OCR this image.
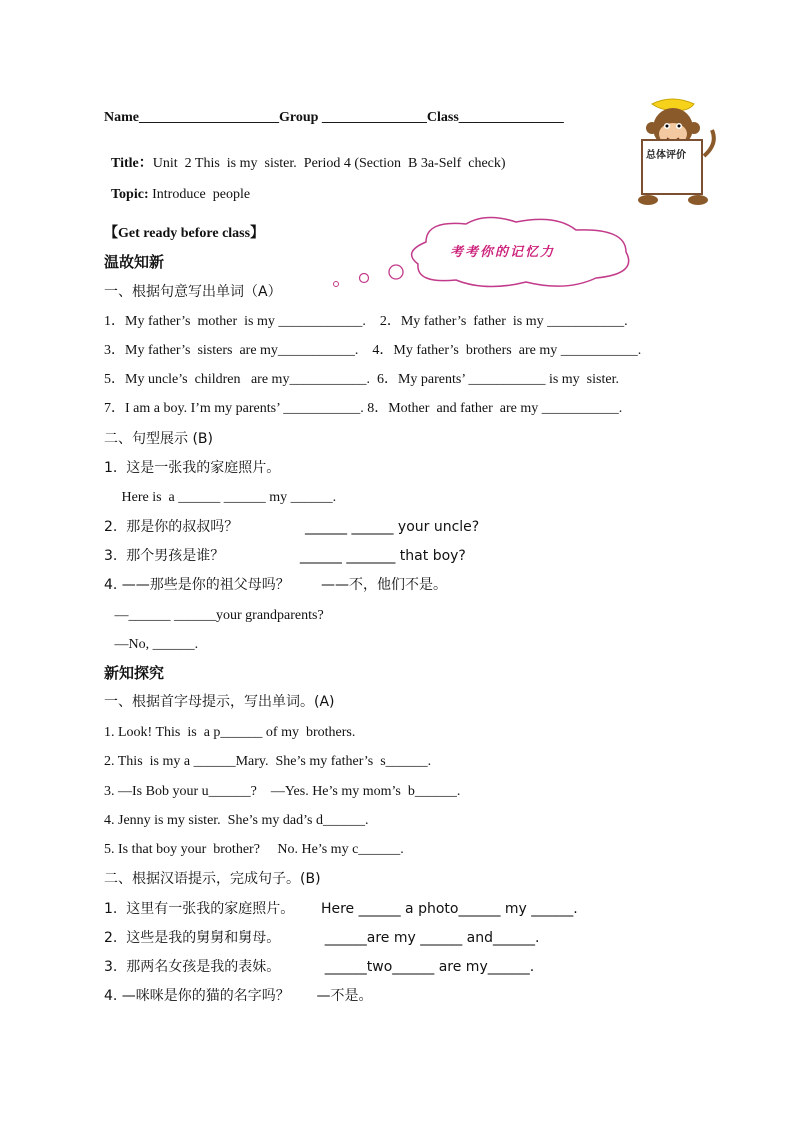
Name____________________Group _______________Class_______________

Title：Unit  2 This  is my  sister.  Period 4 (Section  B 3a-Self  check)

Topic: Introduce  people

总体评价
考考你的记忆力
【Get ready before class】
温故知新
一、根据句意写出单词（A）
1．My father’s  mother  is my ____________.    2．My father’s  father  is my ___________.
3．My father’s  sisters  are my___________.    4．My father’s  brothers  are my ___________.
5．My uncle’s  children   are my___________.  6．My parents’ ___________ is my  sister.
7．I am a boy. I’m my parents’ ___________. 8．Mother  and father  are my ___________.
二、句型展示 (B)
1.  这是一张我的家庭照片。
Here is  a ______ ______ my ______.
2.  那是你的叔叔吗？               ______ ______ your uncle?
3.  那个男孩是谁？                 ______ _______ that boy?
4. ——那些是你的祖父母吗？       ——不，他们不是。
—______ ______your grandparents?
—No, ______.
新知探究
一、根据首字母提示，写出单词。(A)
1. Look! This  is  a p______ of my  brothers.
2. This  is my a ______Mary.  She’s my father’s  s______.
3. —Is Bob your u______?    —Yes. He’s my mom’s  b______.
4. Jenny is my sister.  She’s my dad’s d______.
5. Is that boy your  brother?     No. He’s my c______.
二、根据汉语提示，完成句子。(B)
1.  这里有一张我的家庭照片。      Here ______ a photo______ my ______.
2.  这些是我的舅舅和舅母。          ______are my ______ and______.
3.  那两名女孩是我的表妹。          ______two______ are my______.
4. —咪咪是你的猫的名字吗？      —不是。
